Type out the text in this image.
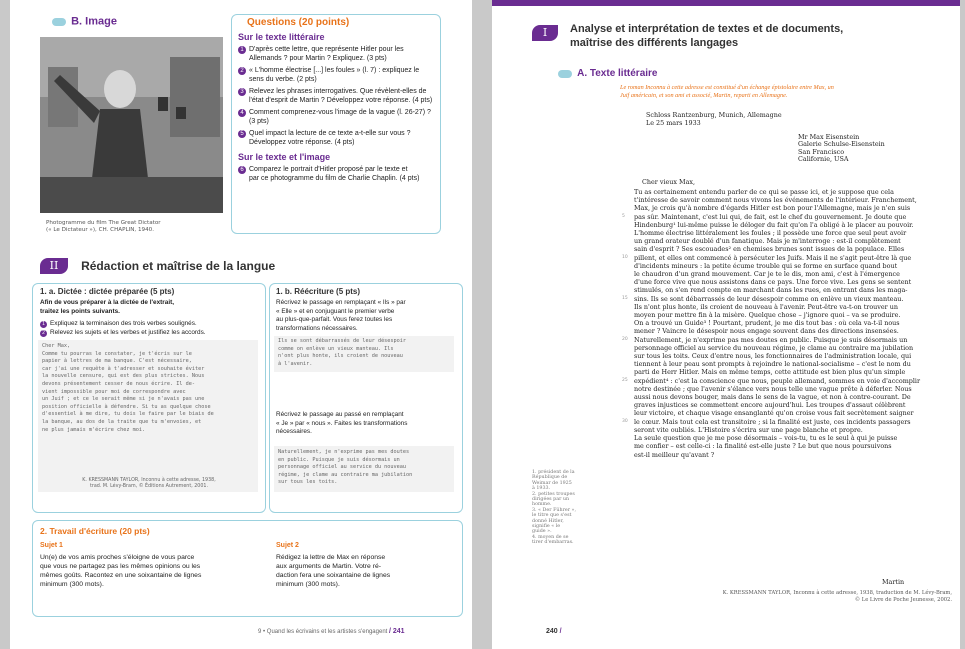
B. Image
Photogramme du film The Great Dictator
(« Le Dictateur »), CH. CHAPLIN, 1940.
Questions (20 points)
Sur le texte littéraire
1 D'après cette lettre, que représente Hitler pour les
Allemands ? pour Martin ? Expliquez. (3 pts)
2 « L'homme électrise [...] les foules » (l. 7) : expliquez le
sens du verbe. (2 pts)
3 Relevez les phrases interrogatives. Que révèlent-elles de
l'état d'esprit de Martin ? Développez votre réponse. (4 pts)
4 Comment comprenez-vous l'image de la vague (l. 26-27) ?
(3 pts)
5 Quel impact la lecture de ce texte a-t-elle sur vous ?
Développez votre réponse. (4 pts)
Sur le texte et l'image
6 Comparez le portrait d'Hitler proposé par le texte et
par ce photogramme du film de Charlie Chaplin. (4 pts)
II Rédaction et maîtrise de la langue
1. a. Dictée : dictée préparée (5 pts)
Afin de vous préparer à la dictée de l'extrait,
traitez les points suivants.
1 Expliquez la terminaison des trois verbes soulignés.
2 Relevez les sujets et les verbes et justifiez les accords.
Cher Max,
Comme tu pourras le constater, je t'écris sur le
papier à lettres de ma banque. C'est nécessaire,
car j'ai une requête à t'adresser et souhaite éviter
la nouvelle censure, qui est des plus strictes. Nous
devons présentement cesser de nous écrire. Il de-
vient impossible pour moi de correspondre avec
un Juif ; et ce le serait même si je n'avais pas une
position officielle à défendre. Si tu as quelque chose
d'essentiel à me dire, tu dois le faire par le biais de
la banque, au dos de la traite que tu m'envoies, et
ne plus jamais m'écrire chez moi.
K. KRESSMANN TAYLOR, Inconnu à cette adresse, 1938,
trad. M. Lévy-Bram, © Éditions Autrement, 2001.
1. b. Réécriture (5 pts)
Récrivez le passage en remplaçant « Ils » par
« Elle » et en conjuguant le premier verbe
au plus-que-parfait. Vous ferez toutes les
transformations nécessaires.
Ils se sont débarrassés de leur désespoir
comme on enlève un vieux manteau. Ils
n'ont plus honte, ils croient de nouveau
à l'avenir.
Récrivez le passage au passé en remplaçant
« Je » par « nous ». Faites les transformations
nécessaires.
Naturellement, je n'exprime pas mes doutes
en public. Puisque je suis désormais un
personnage officiel au service du nouveau
régime, je clame au contraire ma jubilation
sur tous les toits.
2. Travail d'écriture (20 pts)
Sujet 1
Un(e) de vos amis proches s'éloigne de vous parce
que vous ne partagez pas les mêmes opinions ou les
mêmes goûts. Racontez en une soixantaine de lignes
minimum (300 mots).
Sujet 2
Rédigez la lettre de Max en réponse
aux arguments de Martin. Votre ré-
daction fera une soixantaine de lignes
minimum (300 mots).
9 • Quand les écrivains et les artistes s'engagent / 241
I	Analyse et interprétation de textes et de documents,
maîtrise des différents langages
A. Texte littéraire
Le roman Inconnu à cette adresse est constitué d'un échange épistolaire entre Max, un
Juif américain, et son ami et associé, Martin, reparti en Allemagne.
Schloss Rantzenburg, Munich, Allemagne
Le 25 mars 1933
Mr Max Eisenstein
Galerie Schulse-Eisenstein
San Francisco
Californie, USA
Cher vieux Max,
Tu as certainement entendu parler de ce qui se passe ici, et je suppose que cela
t'intéresse de savoir comment nous vivons les événements de l'intérieur. Franchement,
Max, je crois qu'à nombre d'égards Hitler est bon pour l'Allemagne, mais je n'en suis
pas sûr. Maintenant, c'est lui qui, de fait, est le chef du gouvernement. Je doute que
Hindenburg¹ lui-même puisse le déloger du fait qu'on l'a obligé à le placer au pouvoir.
L'homme électrise littéralement les foules ; il possède une force que seul peut avoir
un grand orateur doublé d'un fanatique. Mais je m'interroge : est-il complètement
sain d'esprit ? Ses escouades² en chemises brunes sont issues de la populace. Elles
pillent, et elles ont commencé à persécuter les Juifs. Mais il ne s'agit peut-être là que
d'incidents mineurs : la petite écume trouble qui se forme en surface quand bout
le chaudron d'un grand mouvement. Car je te le dis, mon ami, c'est à l'émergence
d'une force vive que nous assistons dans ce pays. Une force vive. Les gens se sentent
stimulés, on s'en rend compte en marchant dans les rues, en entrant dans les maga-
sins. Ils se sont débarrassés de leur désespoir comme on enlève un vieux manteau.
Ils n'ont plus honte, ils croient de nouveau à l'avenir. Peut-être va-t-on trouver un
moyen pour mettre fin à la misère. Quelque chose – j'ignore quoi – va se produire.
On a trouvé un Guide³ ! Pourtant, prudent, je me dis tout bas : où cela va-t-il nous
mener ? Vaincre le désespoir nous engage souvent dans des directions insensées.
Naturellement, je n'exprime pas mes doutes en public. Puisque je suis désormais un
personnage officiel au service du nouveau régime, je clame au contraire ma jubilation
sur tous les toits. Ceux d'entre nous, les fonctionnaires de l'administration locale, qui
tiennent à leur peau sont prompts à rejoindre le national-socialisme – c'est le nom du
parti de Herr Hitler. Mais en même temps, cette attitude est bien plus qu'un simple
expédient⁴ : c'est la conscience que nous, peuple allemand, sommes en voie d'accomplir
notre destinée ; que l'avenir s'élance vers nous telle une vague prête à déferler. Nous
aussi nous devons bouger, mais dans le sens de la vague, et non à contre-courant. De
graves injustices se commettent encore aujourd'hui. Les troupes d'assaut célèbrent
leur victoire, et chaque visage ensanglanté qu'on croise vous fait secrètement saigner
le cœur. Mais tout cela est transitoire ; si la finalité est juste, ces incidents passagers
seront vite oubliés. L'Histoire s'écrira sur une page blanche et propre.
La seule question que je me pose désormais – vois-tu, tu es le seul à qui je puisse
me confier – est celle-ci : la finalité est-elle juste ? Le but que nous poursuivons
est-il meilleur qu'avant ?
1. président de la
République de
Weimar de 1925
à 1933.
2. petites troupes
dirigées par un
homme.
3. « Der Führer »,
le titre que s'est
donné Hitler,
signifie « le
guide ».
4. moyen de se
tirer d'embarras.
Martin
K. KRESSMANN TAYLOR, Inconnu à cette adresse, 1938, traduction de M. Lévy-Bram,
© Le Livre de Poche Jeunesse, 2002.
240 /
5
10
15
20
25
30
